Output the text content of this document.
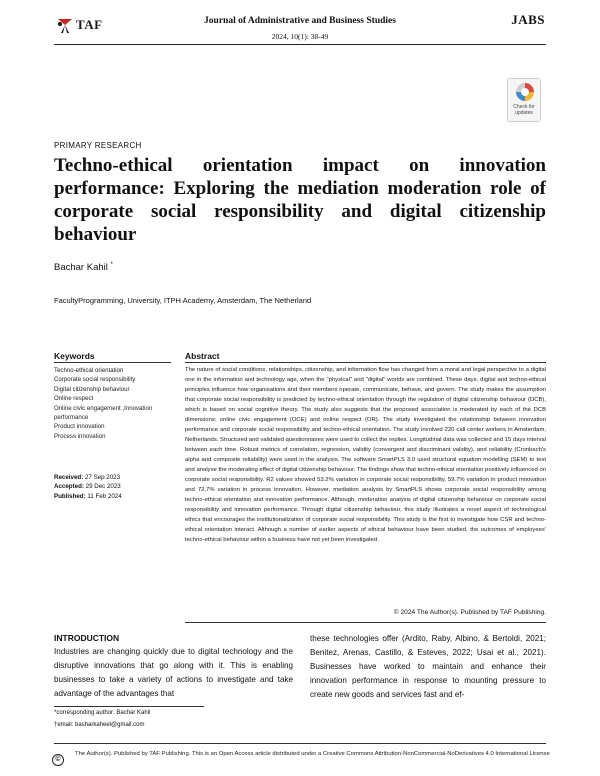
TAF	Journal of Administrative and Business Studies
2024, 10(1): 38-49
JABS
Check for updates
PRIMARY RESEARCH
Techno-ethical orientation impact on innovation performance: Exploring the mediation moderation role of corporate social responsibility and digital citizenship behaviour
Bachar Kahil *
FacultyProgramming, University, ITPH Academy, Amsterdam, The Netherland
Keywords
Techno-ethical orientation
Corporate social responsibility
Digital citizenship behaviour
Online respect
Online civic engagement ,Innovation performance
Product innovation
Process innovation
Received: 27 Sep 2023
Accepted: 29 Dec 2023
Published: 11 Feb 2024
Abstract

The nature of social conditions, relationships, citizenship, and information flow has changed from a moral and legal perspective to a digital one in the information and technology age, when the "physical" and "digital" worlds are combined. These days, digital and techno-ethical principles influence how organisations and their members operate, communicate, behave, and govern. The study makes the assumption that corporate social responsibility is predicted by techno-ethical orientation through the regulation of digital citizenship behaviour (DCB), which is based on social cognitive theory. The study also suggests that the proposed association is moderated by each of the DCB dimensions: online civic engagement (OCE) and online respect (OR). The study investigated the relationship between innovation performance and corporate social responsibility and techno-ethical orientation. The study involved 220 call center workers in Amsterdam, Netherlands. Structured and validated questionnaires were used to collect the replies. Longitudinal data was collected and 15 days interval between each time. Robust metrics of correlation, regression, validity (convergent and discriminant validity), and reliability (Cronbach's alpha and composite reliability) were used in the analysis. The software SmartPLS 3.0 used structural equation modelling (SEM) to test and analyse the moderating effect of digital citizenship behaviour. The findings show that techno-ethical orientation positively influenced on corporate social responsibility. R2 values showed 53.2% variation in corporate social responsibility, 59.7% variation in product innovation and 72.7% variation in process innovation. However, mediation analysis by SmartPLS shows corporate social responsibility among techno-ethical orientation and innovation performance. Although, moderation analysis of digital citizenship behaviour on corporate social responsibility and innovation performance. Through digital citizenship behaviour, this study illustrates a novel aspect of technological ethics that encourages the institutionalization of corporate social responsibility. This study is the first to investigate how CSR and techno-ethical orientation interact. Although a number of earlier aspects of ethical behaviour have been studied, the outcomes of employees' techno-ethical behaviour within a business have not yet been investigated.

© 2024 The Author(s). Published by TAF Publishing.
INTRODUCTION

Industries are changing quickly due to digital technology and the disruptive innovations that go along with it. This is enabling businesses to take a variety of actions to investigate and take advantage of the advantages that

these technologies offer (Ardito, Raby, Albino, & Bertoldi, 2021; Benitez, Arenas, Castillo, & Esteves, 2022; Usai et al., 2021). Businesses have worked to maintain and enhance their innovation performance in response to mounting pressure to create new goods and services fast and ef-

*corresponding author: Bachar Kahil
†email: basharkaheel@gmail.com
©
The Author(s). Published by TAF Publishing. This is an Open Access article distributed under a Creative Commons Attribution-NonCommercial-NoDerivatives 4.0 International License
